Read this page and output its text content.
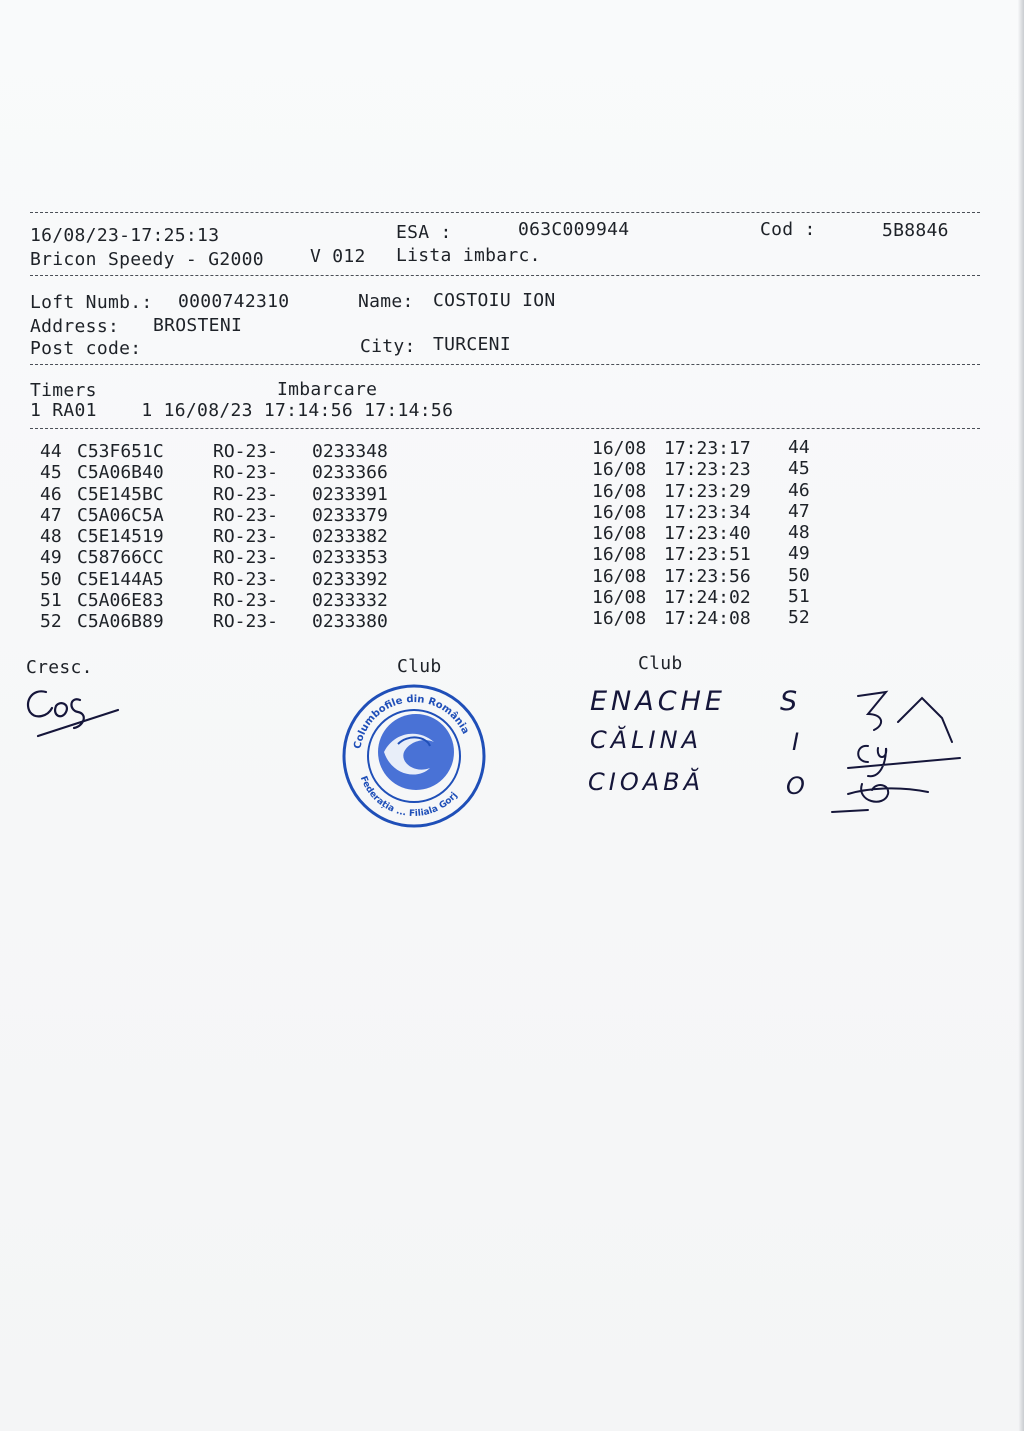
16/08/23-17:25:13	ESA :	063C009944	Cod :	5B8846
Bricon Speedy - G2000	V 012 Lista imbarc.
Loft Numb.: 0000742310	Name: COSTOIU ION
Address: BROSTENI
Post code:	City: TURCENI
Timers	Imbarcare
1 RA01    1 16/08/23 17:14:56 17:14:56
44 C53F651C	RO-23- 0233348	16/08 17:23:17 44
45 C5A06B40	RO-23- 0233366	16/08 17:23:23 45
46 C5E145BC	RO-23- 0233391	16/08 17:23:29 46
47 C5A06C5A	RO-23- 0233379	16/08 17:23:34 47
48 C5E14519	RO-23- 0233382	16/08 17:23:40 48
49 C58766CC	RO-23- 0233353	16/08 17:23:51 49
50 C5E144A5	RO-23- 0233392	16/08 17:23:56 50
51 C5A06E83	RO-23- 0233332	16/08 17:24:02 51
52 C5A06B89	RO-23- 0233380	16/08 17:24:08 52
Cresc.	Club	Club
Columbofile din România
Federația ... Filiala Gorj
ENACHE S
CĂLINA	I
CIOABĂ	O
